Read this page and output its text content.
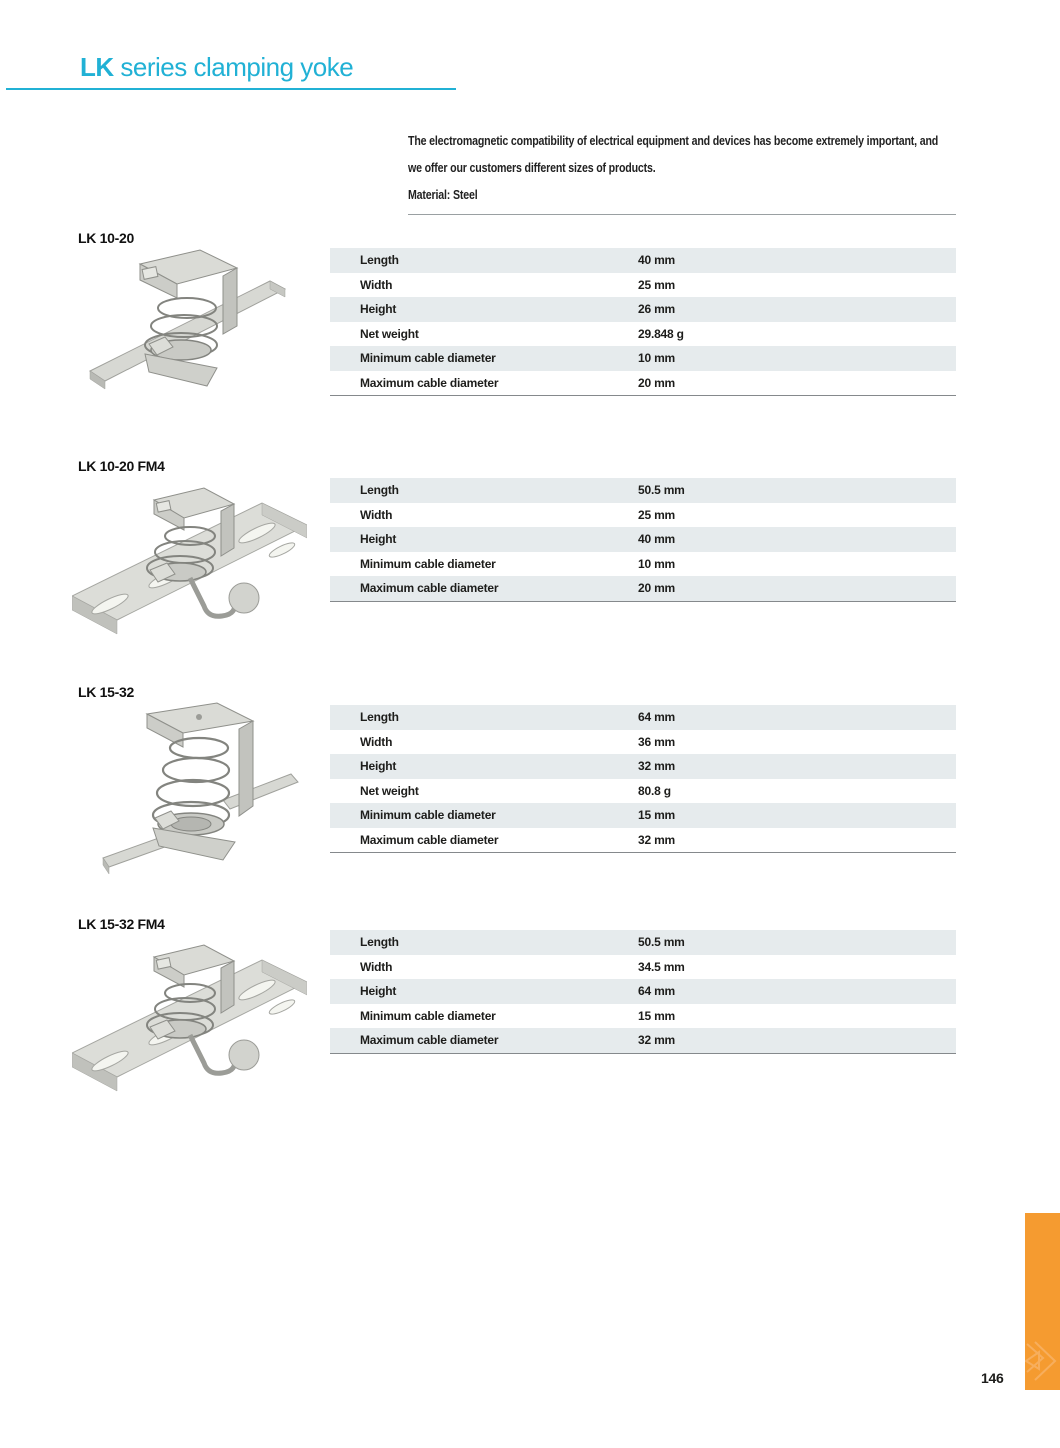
LK series clamping yoke

The electromagnetic compatibility of electrical equipment and devices has become extremely important, and

we offer our customers different sizes of products.

Material: Steel

LK 10-20
Length	40 mm
Width	25 mm
Height	26 mm
Net weight	29.848 g
Minimum cable diameter	10 mm
Maximum cable diameter	20 mm
LK 10-20 FM4
Length	50.5 mm
Width	25 mm
Height	40 mm
Minimum cable diameter	10 mm
Maximum cable diameter	20 mm
LK 15-32
Length	64 mm
Width	36 mm
Height	32 mm
Net weight	80.8 g
Minimum cable diameter	15 mm
Maximum cable diameter	32 mm
LK 15-32 FM4
Length	50.5 mm
Width	34.5 mm
Height	64 mm
Minimum cable diameter	15 mm
Maximum cable diameter	32 mm
146
